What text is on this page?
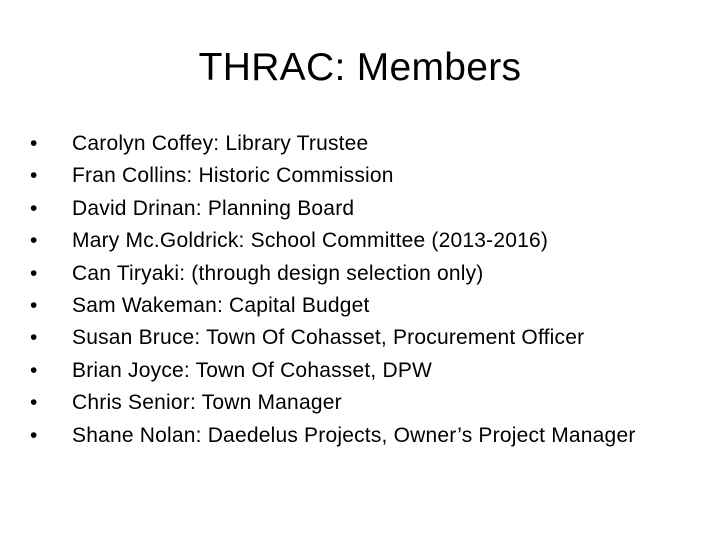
THRAC: Members
•	Carolyn Coffey: Library Trustee
•	Fran Collins: Historic Commission
•	David Drinan: Planning Board
•	Mary Mc.Goldrick: School Committee (2013-2016)
•	Can Tiryaki: (through design selection only)
•	Sam Wakeman: Capital Budget
•	Susan Bruce: Town Of Cohasset, Procurement Officer
•	Brian Joyce: Town Of Cohasset, DPW
•	Chris Senior: Town Manager
•	Shane Nolan: Daedelus Projects, Owner’s Project Manager
